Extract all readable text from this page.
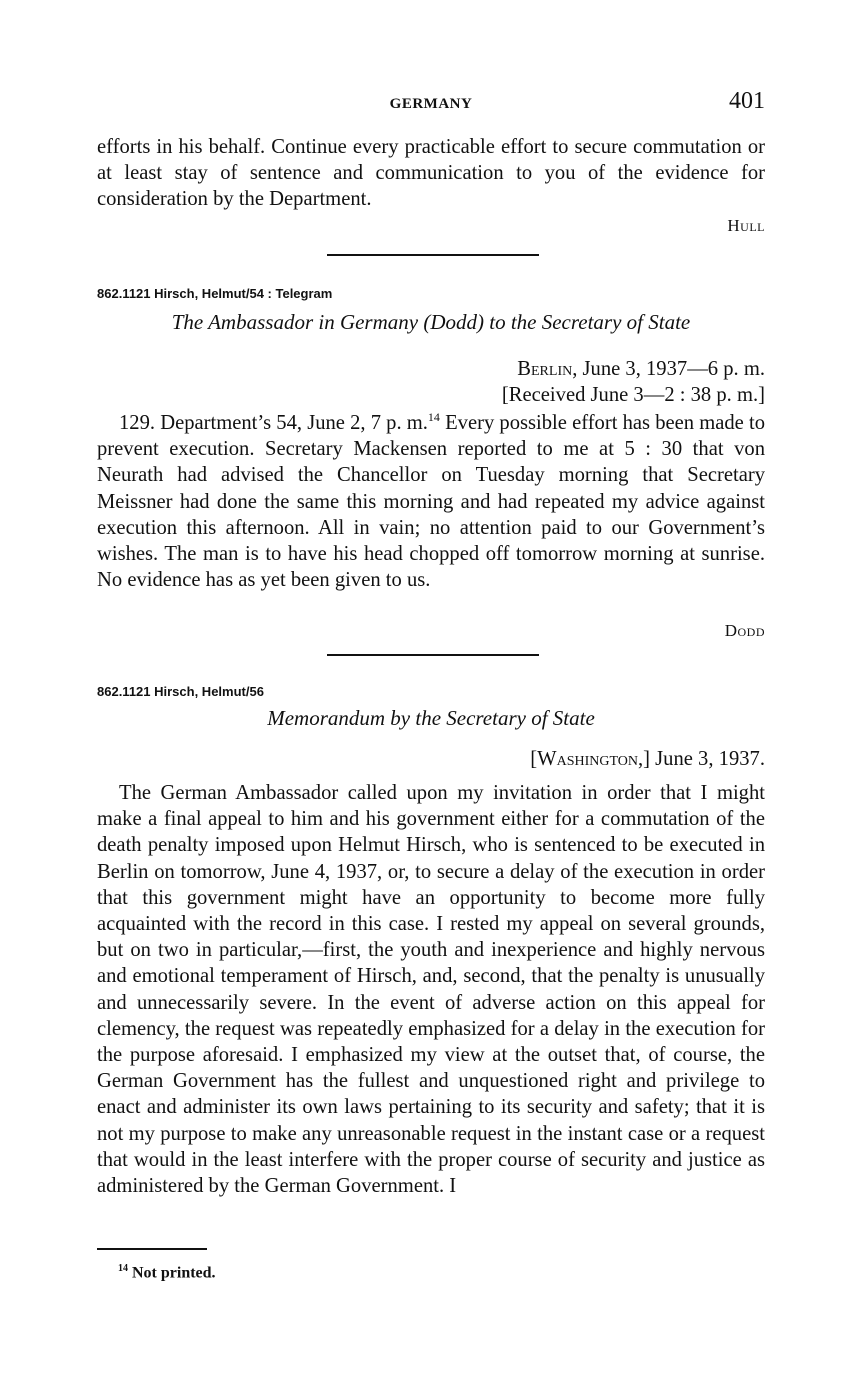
GERMANY	401

efforts in his behalf. Continue every practicable effort to secure commutation or at least stay of sentence and communication to you of the evidence for consideration by the Department.

Hull
862.1121 Hirsch, Helmut/54 : Telegram
The Ambassador in Germany (Dodd) to the Secretary of State
Berlin, June 3, 1937—6 p. m.
[Received June 3—2 : 38 p. m.]

129. Department’s 54, June 2, 7 p. m.$^{14}$ Every possible effort has been made to prevent execution. Secretary Mackensen reported to me at 5 : 30 that von Neurath had advised the Chancellor on Tuesday morning that Secretary Meissner had done the same this morning and had repeated my advice against execution this afternoon. All in vain; no attention paid to our Government’s wishes. The man is to have his head chopped off tomorrow morning at sunrise. No evidence has as yet been given to us.

Dodd
862.1121 Hirsch, Helmut/56
Memorandum by the Secretary of State
[Washington,] June 3, 1937.

The German Ambassador called upon my invitation in order that I might make a final appeal to him and his government either for a commutation of the death penalty imposed upon Helmut Hirsch, who is sentenced to be executed in Berlin on tomorrow, June 4, 1937, or, to secure a delay of the execution in order that this government might have an opportunity to become more fully acquainted with the record in this case. I rested my appeal on several grounds, but on two in particular,—first, the youth and inexperience and highly nervous and emotional temperament of Hirsch, and, second, that the penalty is unusually and unnecessarily severe. In the event of adverse action on this appeal for clemency, the request was repeatedly emphasized for a delay in the execution for the purpose aforesaid. I emphasized my view at the outset that, of course, the German Government has the fullest and unquestioned right and privilege to enact and administer its own laws pertaining to its security and safety; that it is not my purpose to make any unreasonable request in the instant case or a request that would in the least interfere with the proper course of security and justice as administered by the German Government. I

$^{14}$ Not printed.
